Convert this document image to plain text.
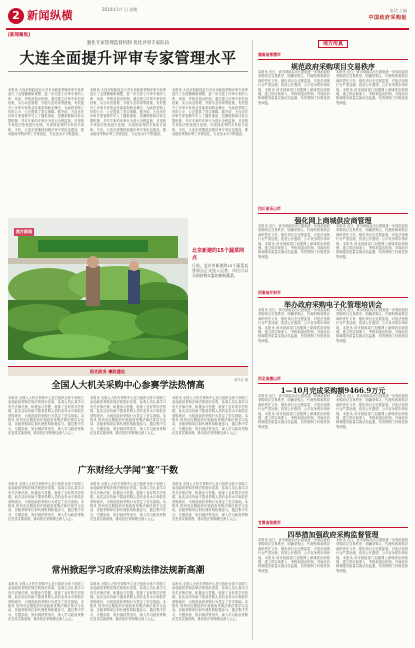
2 新闻纵横	2014年1月 日 星期	电话 主编
中国政府采购报
[新闻聚焦]
强化专家管理监督机制 优化评审专家队伍
大连全面提升评审专家管理水平
本报讯 大连市财政局近日对全市政府采购评审专家库进行了全面梳理和调整，进一步完善了评审专家的入库、培训、考核及退出机制。通过建立评审专家信用档案、实行动态管理、开展专业培训等措施，有效提升了评审专家的业务素质和职业操守，为政府采购工作的公平、公正提供了坚实保障。据介绍，大连市在评审专家管理中引入了随机抽取、回避制度和评价反馈机制，并对专家的评审行为进行全程监督。对违规专家依法依规进行处理，对表现优秀的专家给予表彰。今后，大连市将继续加强评审专家队伍建设，推动政府采购评审工作规范化、专业化水平不断提高。
本报讯 大连市财政局近日对全市政府采购评审专家库进行了全面梳理和调整，进一步完善了评审专家的入库、培训、考核及退出机制。通过建立评审专家信用档案、实行动态管理、开展专业培训等措施，有效提升了评审专家的业务素质和职业操守，为政府采购工作的公平、公正提供了坚实保障。据介绍，大连市在评审专家管理中引入了随机抽取、回避制度和评价反馈机制，并对专家的评审行为进行全程监督。对违规专家依法依规进行处理，对表现优秀的专家给予表彰。今后，大连市将继续加强评审专家队伍建设，推动政府采购评审工作规范化、专业化水平不断提高。
本报讯 大连市财政局近日对全市政府采购评审专家库进行了全面梳理和调整，进一步完善了评审专家的入库、培训、考核及退出机制。通过建立评审专家信用档案、实行动态管理、开展专业培训等措施，有效提升了评审专家的业务素质和职业操守，为政府采购工作的公平、公正提供了坚实保障。据介绍，大连市在评审专家管理中引入了随机抽取、回避制度和评价反馈机制，并对专家的评审行为进行全程监督。对违规专家依法依规进行处理，对表现优秀的专家给予表彰。今后，大连市将继续加强评审专家队伍建设，推动政府采购评审工作规范化、专业化水平不断提高。
图片新闻
北京新建的15个蔬菜网点
日前，北京市新建的15个蔬菜直营网点正式投入运营，市民可以买到价格实惠的新鲜蔬菜。
新华社 摄
阳光政务 廉政建设
全国人大机关采购中心参赛学法热情高
本报讯 全国人大机关采购中心近日组织全体干部职工参加政府采购法律法规知识竞赛，参赛人员认真学习有关法律法规，积极参与答题，展现了良好的学法热情。此次活动有助于提高采购人员的业务水平和依法采购意识，为规范政府采购行为奠定了坚实基础。本报讯 常州市近期组织开展政府采购法律法规学习活动，各级采购单位和代理机构积极参与，通过集中学习、专题讲座、知识测试等形式，深入学习政府采购法及其实施条例，推动依法采购理念深入人心。
本报讯 全国人大机关采购中心近日组织全体干部职工参加政府采购法律法规知识竞赛，参赛人员认真学习有关法律法规，积极参与答题，展现了良好的学法热情。此次活动有助于提高采购人员的业务水平和依法采购意识，为规范政府采购行为奠定了坚实基础。本报讯 常州市近期组织开展政府采购法律法规学习活动，各级采购单位和代理机构积极参与，通过集中学习、专题讲座、知识测试等形式，深入学习政府采购法及其实施条例，推动依法采购理念深入人心。
本报讯 全国人大机关采购中心近日组织全体干部职工参加政府采购法律法规知识竞赛，参赛人员认真学习有关法律法规，积极参与答题，展现了良好的学法热情。此次活动有助于提高采购人员的业务水平和依法采购意识，为规范政府采购行为奠定了坚实基础。本报讯 常州市近期组织开展政府采购法律法规学习活动，各级采购单位和代理机构积极参与，通过集中学习、专题讲座、知识测试等形式，深入学习政府采购法及其实施条例，推动依法采购理念深入人心。
广东财经大学闻“宴”干数
本报讯 全国人大机关采购中心近日组织全体干部职工参加政府采购法律法规知识竞赛，参赛人员认真学习有关法律法规，积极参与答题，展现了良好的学法热情。此次活动有助于提高采购人员的业务水平和依法采购意识，为规范政府采购行为奠定了坚实基础。本报讯 常州市近期组织开展政府采购法律法规学习活动，各级采购单位和代理机构积极参与，通过集中学习、专题讲座、知识测试等形式，深入学习政府采购法及其实施条例，推动依法采购理念深入人心。
本报讯 全国人大机关采购中心近日组织全体干部职工参加政府采购法律法规知识竞赛，参赛人员认真学习有关法律法规，积极参与答题，展现了良好的学法热情。此次活动有助于提高采购人员的业务水平和依法采购意识，为规范政府采购行为奠定了坚实基础。本报讯 常州市近期组织开展政府采购法律法规学习活动，各级采购单位和代理机构积极参与，通过集中学习、专题讲座、知识测试等形式，深入学习政府采购法及其实施条例，推动依法采购理念深入人心。
本报讯 全国人大机关采购中心近日组织全体干部职工参加政府采购法律法规知识竞赛，参赛人员认真学习有关法律法规，积极参与答题，展现了良好的学法热情。此次活动有助于提高采购人员的业务水平和依法采购意识，为规范政府采购行为奠定了坚实基础。本报讯 常州市近期组织开展政府采购法律法规学习活动，各级采购单位和代理机构积极参与，通过集中学习、专题讲座、知识测试等形式，深入学习政府采购法及其实施条例，推动依法采购理念深入人心。
常州掀起学习政府采购法律法规新高潮
本报讯 全国人大机关采购中心近日组织全体干部职工参加政府采购法律法规知识竞赛，参赛人员认真学习有关法律法规，积极参与答题，展现了良好的学法热情。此次活动有助于提高采购人员的业务水平和依法采购意识，为规范政府采购行为奠定了坚实基础。本报讯 常州市近期组织开展政府采购法律法规学习活动，各级采购单位和代理机构积极参与，通过集中学习、专题讲座、知识测试等形式，深入学习政府采购法及其实施条例，推动依法采购理念深入人心。
本报讯 全国人大机关采购中心近日组织全体干部职工参加政府采购法律法规知识竞赛，参赛人员认真学习有关法律法规，积极参与答题，展现了良好的学法热情。此次活动有助于提高采购人员的业务水平和依法采购意识，为规范政府采购行为奠定了坚实基础。本报讯 常州市近期组织开展政府采购法律法规学习活动，各级采购单位和代理机构积极参与，通过集中学习、专题讲座、知识测试等形式，深入学习政府采购法及其实施条例，推动依法采购理念深入人心。
本报讯 全国人大机关采购中心近日组织全体干部职工参加政府采购法律法规知识竞赛，参赛人员认真学习有关法律法规，积极参与答题，展现了良好的学法热情。此次活动有助于提高采购人员的业务水平和依法采购意识，为规范政府采购行为奠定了坚实基础。本报讯 常州市近期组织开展政府采购法律法规学习活动，各级采购单位和代理机构积极参与，通过集中学习、专题讲座、知识测试等形式，深入学习政府采购法及其实施条例，推动依法采购理念深入人心。
地方传真
湖南省常德市
规范政府采购项目交易秩序
本报讯 近日，该市财政局出台措施进一步规范政府采购项目交易秩序，明确采购人、代理机构和供应商的责任义务，强化项目全过程监管，对违法违规行为严肃处理，营造公开透明、公平竞争的市场环境。本报讯 该市财政部门加强网上商城供应商管理，建立供应商准入、考核和退出机制，对商品价格和服务质量实施动态监测，有效遏制了价格虚高等问题。
本报讯 近日，该市财政局出台措施进一步规范政府采购项目交易秩序，明确采购人、代理机构和供应商的责任义务，强化项目全过程监管，对违法违规行为严肃处理，营造公开透明、公平竞争的市场环境。本报讯 该市财政部门加强网上商城供应商管理，建立供应商准入、考核和退出机制，对商品价格和服务质量实施动态监测，有效遏制了价格虚高等问题。
四川省乐山市
强化网上商城供应商管理
本报讯 近日，该市财政局出台措施进一步规范政府采购项目交易秩序，明确采购人、代理机构和供应商的责任义务，强化项目全过程监管，对违法违规行为严肃处理，营造公开透明、公平竞争的市场环境。本报讯 该市财政部门加强网上商城供应商管理，建立供应商准入、考核和退出机制，对商品价格和服务质量实施动态监测，有效遏制了价格虚高等问题。
本报讯 近日，该市财政局出台措施进一步规范政府采购项目交易秩序，明确采购人、代理机构和供应商的责任义务，强化项目全过程监管，对违法违规行为严肃处理，营造公开透明、公平竞争的市场环境。本报讯 该市财政部门加强网上商城供应商管理，建立供应商准入、考核和退出机制，对商品价格和服务质量实施动态监测，有效遏制了价格虚高等问题。
河南省开封市
举办政府采购电子化管理培训会
本报讯 近日，该市财政局出台措施进一步规范政府采购项目交易秩序，明确采购人、代理机构和供应商的责任义务，强化项目全过程监管，对违法违规行为严肃处理，营造公开透明、公平竞争的市场环境。本报讯 该市财政部门加强网上商城供应商管理，建立供应商准入、考核和退出机制，对商品价格和服务质量实施动态监测，有效遏制了价格虚高等问题。
本报讯 近日，该市财政局出台措施进一步规范政府采购项目交易秩序，明确采购人、代理机构和供应商的责任义务，强化项目全过程监管，对违法违规行为严肃处理，营造公开透明、公平竞争的市场环境。本报讯 该市财政部门加强网上商城供应商管理，建立供应商准入、考核和退出机制，对商品价格和服务质量实施动态监测，有效遏制了价格虚高等问题。
河北省唐山市
1—10月完成采购额9466.9万元
本报讯 近日，该市财政局出台措施进一步规范政府采购项目交易秩序，明确采购人、代理机构和供应商的责任义务，强化项目全过程监管，对违法违规行为严肃处理，营造公开透明、公平竞争的市场环境。本报讯 该市财政部门加强网上商城供应商管理，建立供应商准入、考核和退出机制，对商品价格和服务质量实施动态监测，有效遏制了价格虚高等问题。
本报讯 近日，该市财政局出台措施进一步规范政府采购项目交易秩序，明确采购人、代理机构和供应商的责任义务，强化项目全过程监管，对违法违规行为严肃处理，营造公开透明、公平竞争的市场环境。本报讯 该市财政部门加强网上商城供应商管理，建立供应商准入、考核和退出机制，对商品价格和服务质量实施动态监测，有效遏制了价格虚高等问题。
甘肃省张掖市
四举措加强政府采购监督管理
本报讯 近日，该市财政局出台措施进一步规范政府采购项目交易秩序，明确采购人、代理机构和供应商的责任义务，强化项目全过程监管，对违法违规行为严肃处理，营造公开透明、公平竞争的市场环境。本报讯 该市财政部门加强网上商城供应商管理，建立供应商准入、考核和退出机制，对商品价格和服务质量实施动态监测，有效遏制了价格虚高等问题。
本报讯 近日，该市财政局出台措施进一步规范政府采购项目交易秩序，明确采购人、代理机构和供应商的责任义务，强化项目全过程监管，对违法违规行为严肃处理，营造公开透明、公平竞争的市场环境。本报讯 该市财政部门加强网上商城供应商管理，建立供应商准入、考核和退出机制，对商品价格和服务质量实施动态监测，有效遏制了价格虚高等问题。
